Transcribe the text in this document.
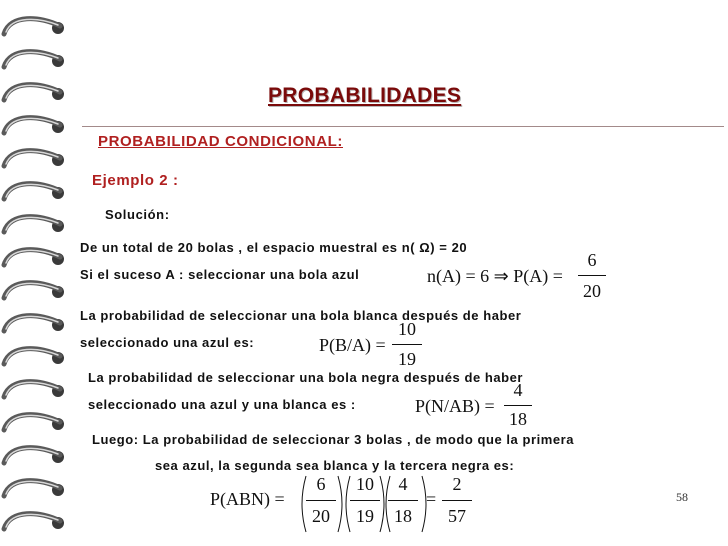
PROBABILIDADES
PROBABILIDAD CONDICIONAL:
Ejemplo 2 :
Solución:
De un total de 20 bolas , el espacio muestral es n( Ω) = 20
Si el suceso A : seleccionar una bola azul	n(A) = 6 ⇒ P(A) =
6
20
La probabilidad de seleccionar una bola blanca después de haber
seleccionado una azul es:	P(B/A) =
10
19
La probabilidad de seleccionar una bola negra después de haber
seleccionado una azul y una blanca es :	P(N/AB) =
4
18
Luego: La probabilidad de seleccionar 3 bolas , de modo que la primera
sea azul, la segunda sea blanca y la tercera negra es:
P(ABN) =
6
20
10
19
4
18
=
2
57
58
